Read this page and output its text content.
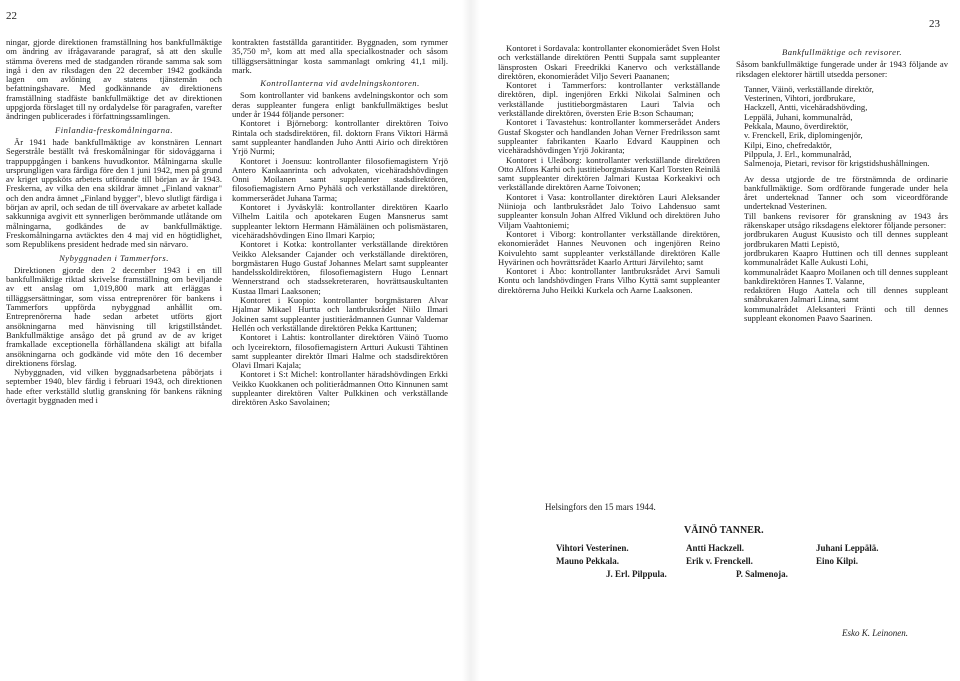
22
23

ningar, gjorde direktionen framställning hos bankfullmäktige om ändring av ifrågavarande paragraf, så att den skulle stämma överens med de stadganden rörande samma sak som ingå i den av riksdagen den 22 december 1942 godkända lagen om avlöning av statens tjänstemän och befattningshavare. Med godkännande av direktionens framställning stadfäste bankfullmäktige det av direktionen uppgjorda förslaget till ny ordalydelse för paragrafen, varefter ändringen publicerades i författningssamlingen.

Finlandia-freskomålningarna.

Är 1941 hade bankfullmäktige av konstnären Lennart Segerstråle beställt två freskomålningar för sidovággarna i trappuppgången i bankens huvudkontor. Målningarna skulle ursprungligen vara färdiga före den 1 juni 1942, men på grund av kriget uppsköts arbetets utförande till början av år 1943. Freskerna, av vilka den ena skildrar ämnet „Finland vaknar" och den andra ämnet „Finland bygger", blevo slutligt färdiga i början av april, och sedan de till övervakare av arbetet kallade sakkunniga avgivit ett synnerligen berömmande utlåtande om målningarna, godkändes de av bankfullmäktige. Freskomålningarna avtäcktes den 4 maj vid en högtidlighet, som Republikens president hedrade med sin närvaro.

Nybyggnaden i Tammerfors.

Direktionen gjorde den 2 december 1943 i en till bankfullmäktige riktad skrivelse framställning om beviljande av ett anslag om 1,019,800 mark att erläggas i tilläggsersättningar, som vissa entreprenörer för bankens i Tammerfors uppförda nybyggnad anhållit om. Entreprenörerna hade sedan arbetet utförts gjort ansökningarna med hänvisning till krigstillståndet. Bankfullmäktige ansågo det på grund av de av kriget framkallade exceptionella förhållandena skäligt att bifalla ansökningarna och godkände vid möte den 16 december direktionens förslag.

Nybyggnaden, vid vilken byggnadsarbetena påbörjats i september 1940, blev färdig i februari 1943, och direktionen hade efter verkställd slutlig granskning för bankens räkning övertagit byggnaden med i

kontrakten fastställda garantitider. Byggnaden, som rymmer 35,750 m³, kom att med alla specialkostnader och såsom tilläggsersättningar kosta sammanlagt omkring 41,1 milj. mark.

Kontrollanterna vid avdelningskontoren.

Som kontrollanter vid bankens avdelningskontor och som deras suppleanter fungera enligt bankfullmäktiges beslut under år 1944 följande personer:

Kontoret i Björneborg: kontrollanter direktören Toivo Rintala och stadsdirektören, fil. doktorn Frans Viktori Härmä samt suppleanter handlanden Juho Antti Airio och direktören Yrjö Nurmi;

Kontoret i Joensuu: kontrollanter filosofiemagistern Yrjö Antero Kankaanrinta och advokaten, vicehäradshövdingen Onni Moilanen samt suppleanter stadsdirektören, filosofiemagistern Arno Pyhälä och verkställande direktören, kommerserådet Juhana Tarma;

Kontoret i Jyväskylä: kontrollanter direktören Kaarlo Vilhelm Laitila och apotekaren Eugen Mansnerus samt suppleanter lektorn Hermann Hämäläinen och polismästaren, vicehäradshövdingen Eino Ilmari Karpio;

Kontoret i Kotka: kontrollanter verkställande direktören Veikko Aleksander Cajander och verkställande direktören, borgmästaren Hugo Gustaf Johannes Melart samt suppleanter handelsskoldirektören, filosofiemagistern Hugo Lennart Wennerstrand och stadssekreteraren, hovrättsauskultanten Kustaa Ilmari Laaksonen;

Kontoret i Kuopio: kontrollanter borgmästaren Alvar Hjalmar Mikael Hurtta och lantbruksrådet Niilo Ilmari Jokinen samt suppleanter justitierådmannen Gunnar Valdemar Hellén och verkställande direktören Pekka Karttunen;

Kontoret i Lahtis: kontrollanter direktören Väinö Tuomo och lyceirektorn, filosofiemagistern Artturi Aukusti Tähtinen samt suppleanter direktör Ilmari Halme och stadsdirektören Olavi Ilmari Kajala;

Kontoret i S:t Michel: kontrollanter häradshövdingen Erkki Veikko Kuokkanen och politierådmannen Otto Kinnunen samt suppleanter direktören Valter Pulkkinen och verkställande direktören Asko Savolainen;

Kontoret i Sordavala: kontrollanter ekonomierådet Sven Holst och verkställande direktören Pentti Suppala samt suppleanter länsprosten Oskari Freedrikki Kanervo och verkställande direktören, ekonomierådet Viljo Severi Paananen;

Kontoret i Tammerfors: kontrollanter verkställande direktören, dipl. ingenjören Erkki Nikolai Salminen och verkställande justitieborgmästaren Lauri Talvia och verkställande direktören, översten Erie B:son Schauman;

Kontoret i Tavastehus: kontrollanter kommerserådet Anders Gustaf Skogster och handlanden Johan Verner Fredriksson samt suppleanter fabrikanten Kaarlo Edvard Kauppinen och vicehäradshövdingen Yrjö Jokiranta;

Kontoret i Uleåborg: kontrollanter verkställande direktören Otto Alfons Karhi och justitieborgmästaren Karl Torsten Reinilä samt suppleanter direktören Jalmari Kustaa Korkeakivi och verkställande direktören Aarne Toivonen;

Kontoret i Vasa: kontrollanter direktören Lauri Aleksander Niinioja och lantbruksrådet Jalo Toivo Lahdensuo samt suppleanter konsuln Johan Alfred Viklund och direktören Juho Viljam Vaahtoniemi;

Kontoret i Viborg: kontrollanter verkställande direktören, ekonomierådet Hannes Neuvonen och ingenjören Reino Koivulehto samt suppleanter verkställande direktören Kalle Hyvärinen och hovrättsrådet Kaarlo Artturi Järvilehto; samt

Kontoret i Åbo: kontrollanter lantbruksrådet Arvi Samuli Kontu och landshövdingen Frans Vilho Kyttä samt suppleanter direktörerna Juho Heikki Kurkela och Aarne Laaksonen.

Bankfullmäktige och revisorer.

Såsom bankfullmäktige fungerade under år 1943 följande av riksdagen elektorer härtill utsedda personer:

Tanner, Väinö, verkställande direktör,

Vesterinen, Vihtori, jordbrukare,

Hackzell, Antti, vicehäradshövding,

Leppälä, Juhani, kommunalråd,

Pekkala, Mauno, överdirektör,

v. Frenckell, Erik, diplomingenjör,

Kilpi, Eino, chefredaktör,

Pilppula, J. Erl., kommunalråd,

Salmenoja, Pietari, revisor för krigstidshushållningen.

Av dessa utgjorde de tre förstnämnda de ordinarie bankfullmäktige. Som ordförande fungerade under hela året underteknad Tanner och som viceordförande underteknad Vesterinen.

Till bankens revisorer för granskning av 1943 års räkenskaper utsågo riksdagens elektorer följande personer:

jordbrukaren August Kuusisto och till dennes suppleant jordbrukaren Matti Lepistö,

jordbrukaren Kaapro Huttinen och till dennes suppleant kommunalrådet Kalle Aukusti Lohi,

kommunalrådet Kaapro Moilanen och till dennes suppleant bankdirektören Hannes T. Valanne,

redaktören Hugo Aattela och till dennes suppleant småbrukaren Jalmari Linna, samt

kommunalrådet Aleksanteri Fränti och till dennes suppleant ekonomen Paavo Saarinen.

Helsingfors den 15 mars 1944.
VÄINÖ TANNER.
Vihtori Vesterinen.	Antti Hackzell.	Juhani Leppälä.
Mauno Pekkala.	Erik v. Frenckell.	Eino Kilpi.
J. Erl. Pilppula.	P. Salmenoja.
Esko K. Leinonen.
